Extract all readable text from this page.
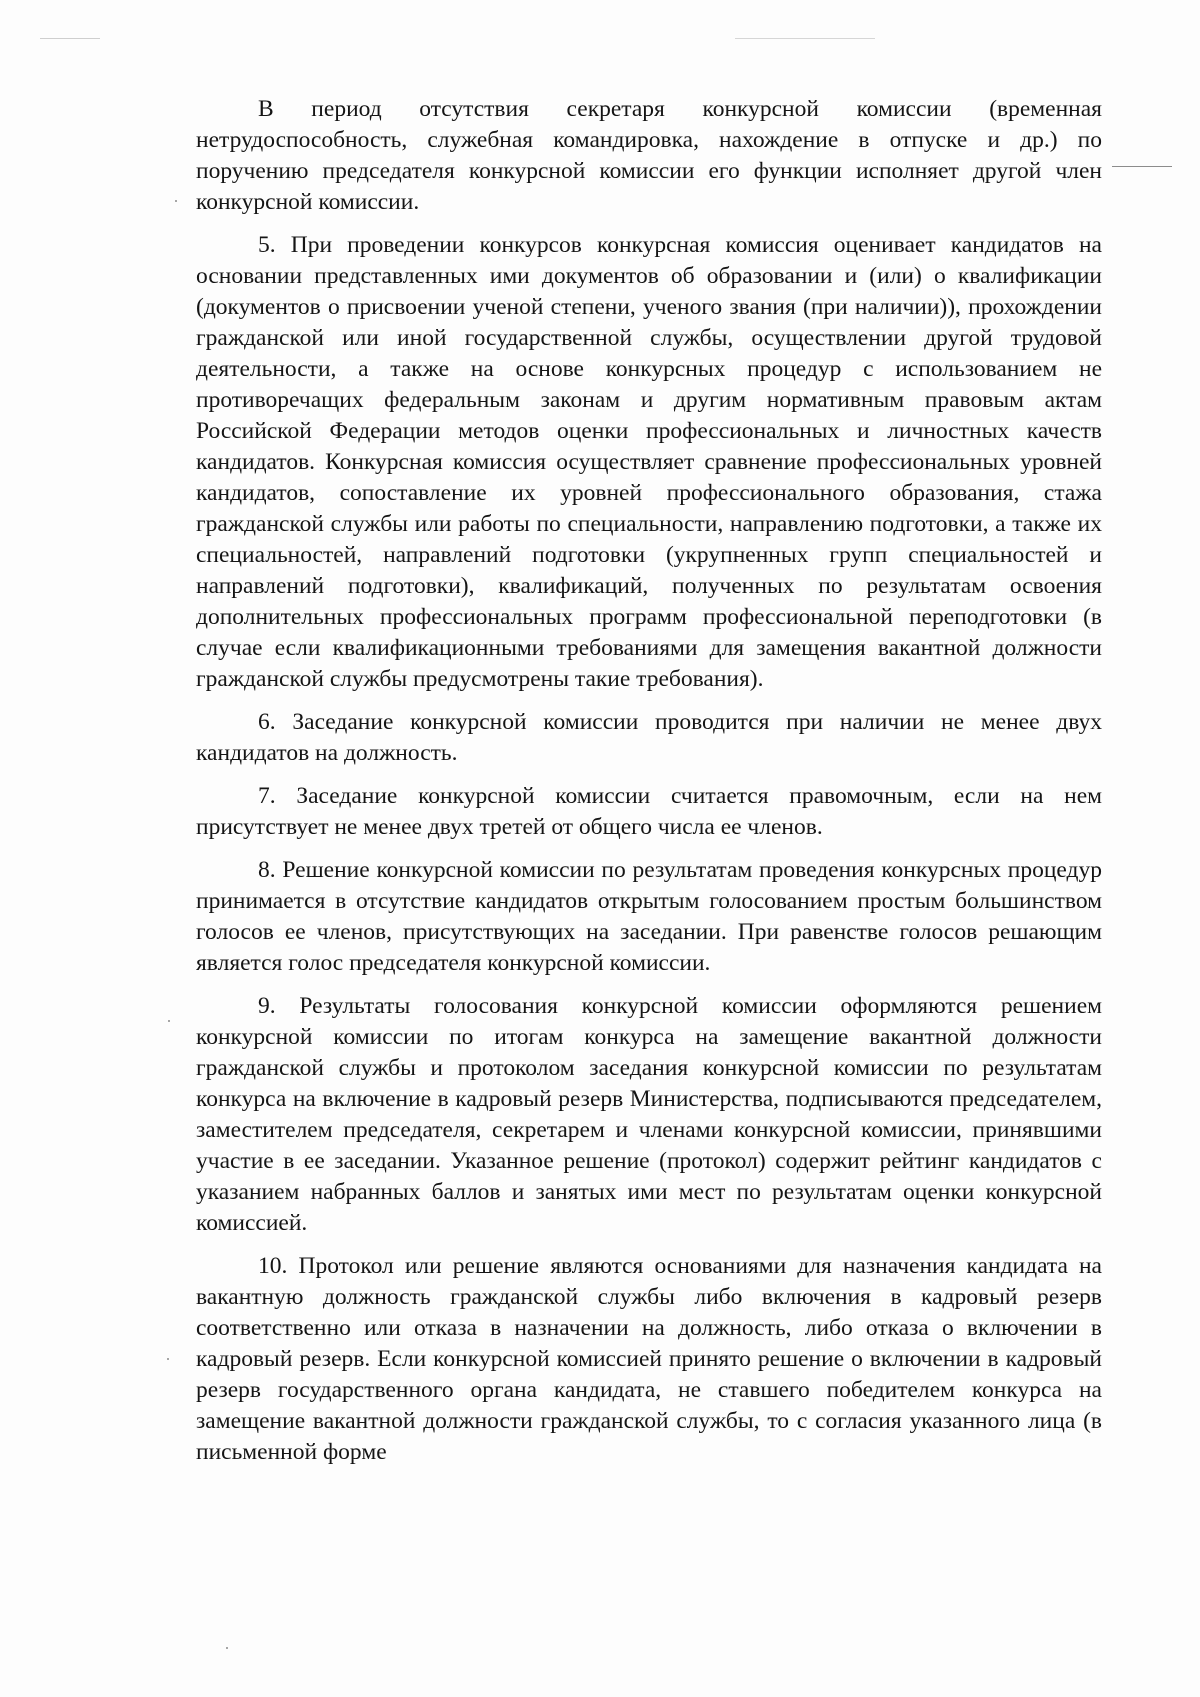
В период отсутствия секретаря конкурсной комиссии (временная нетрудоспособность, служебная командировка, нахождение в отпуске и др.) по поручению председателя конкурсной комиссии его функции исполняет другой член конкурсной комиссии.

5. При проведении конкурсов конкурсная комиссия оценивает кандидатов на основании представленных ими документов об образовании и (или) о квалификации (документов о присвоении ученой степени, ученого звания (при наличии)), прохождении гражданской или иной государственной службы, осуществлении другой трудовой деятельности, а также на основе конкурсных процедур с использованием не противоречащих федеральным законам и другим нормативным правовым актам Российской Федерации методов оценки профессиональных и личностных качеств кандидатов. Конкурсная комиссия осуществляет сравнение профессиональных уровней кандидатов, сопоставление их уровней профессионального образования, стажа гражданской службы или работы по специальности, направлению подготовки, а также их специальностей, направлений подготовки (укрупненных групп специальностей и направлений подготовки), квалификаций, полученных по результатам освоения дополнительных профессиональных программ профессиональной переподготовки (в случае если квалификационными требованиями для замещения вакантной должности гражданской службы предусмотрены такие требования).

6. Заседание конкурсной комиссии проводится при наличии не менее двух кандидатов на должность.

7. Заседание конкурсной комиссии считается правомочным, если на нем присутствует не менее двух третей от общего числа ее членов.

8. Решение конкурсной комиссии по результатам проведения конкурсных процедур принимается в отсутствие кандидатов открытым голосованием простым большинством голосов ее членов, присутствующих на заседании. При равенстве голосов решающим является голос председателя конкурсной комиссии.

9. Результаты голосования конкурсной комиссии оформляются решением конкурсной комиссии по итогам конкурса на замещение вакантной должности гражданской службы и протоколом заседания конкурсной комиссии по результатам конкурса на включение в кадровый резерв Министерства, подписываются председателем, заместителем председателя, секретарем и членами конкурсной комиссии, принявшими участие в ее заседании. Указанное решение (протокол) содержит рейтинг кандидатов с указанием набранных баллов и занятых ими мест по результатам оценки конкурсной комиссией.

10. Протокол или решение являются основаниями для назначения кандидата на вакантную должность гражданской службы либо включения в кадровый резерв соответственно или отказа в назначении на должность, либо отказа о включении в кадровый резерв. Если конкурсной комиссией принято решение о включении в кадровый резерв государственного органа кандидата, не ставшего победителем конкурса на замещение вакантной должности гражданской службы, то с согласия указанного лица (в письменной форме
